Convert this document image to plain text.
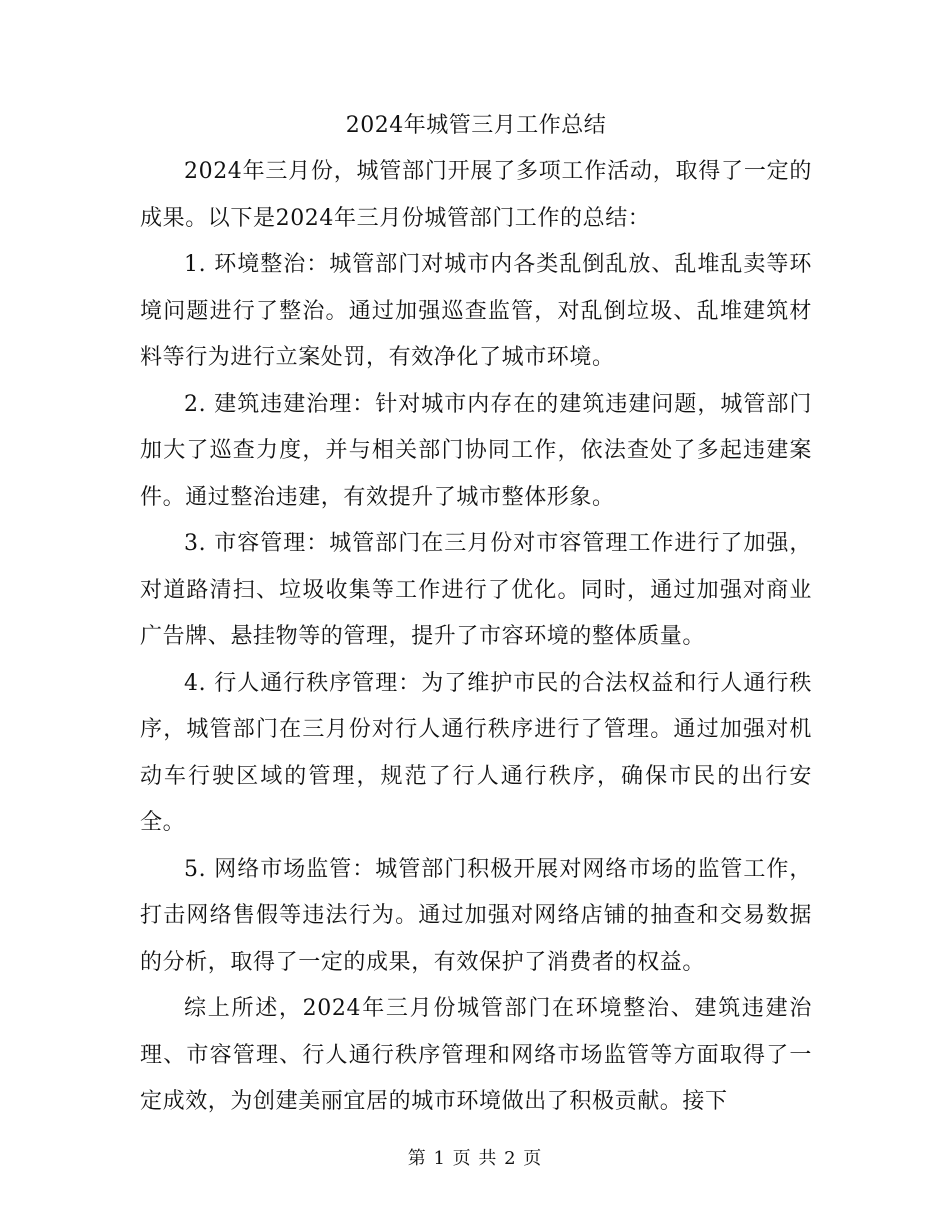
2024年城管三月工作总结

2024年三月份，城管部门开展了多项工作活动，取得了一定的成果。以下是2024年三月份城管部门工作的总结：

1. 环境整治：城管部门对城市内各类乱倒乱放、乱堆乱卖等环境问题进行了整治。通过加强巡查监管，对乱倒垃圾、乱堆建筑材料等行为进行立案处罚，有效净化了城市环境。

2. 建筑违建治理：针对城市内存在的建筑违建问题，城管部门加大了巡查力度，并与相关部门协同工作，依法查处了多起违建案件。通过整治违建，有效提升了城市整体形象。

3. 市容管理：城管部门在三月份对市容管理工作进行了加强，对道路清扫、垃圾收集等工作进行了优化。同时，通过加强对商业广告牌、悬挂物等的管理，提升了市容环境的整体质量。

4. 行人通行秩序管理：为了维护市民的合法权益和行人通行秩序，城管部门在三月份对行人通行秩序进行了管理。通过加强对机动车行驶区域的管理，规范了行人通行秩序，确保市民的出行安全。

5. 网络市场监管：城管部门积极开展对网络市场的监管工作，打击网络售假等违法行为。通过加强对网络店铺的抽查和交易数据的分析，取得了一定的成果，有效保护了消费者的权益。

综上所述，2024年三月份城管部门在环境整治、建筑违建治理、市容管理、行人通行秩序管理和网络市场监管等方面取得了一定成效，为创建美丽宜居的城市环境做出了积极贡献。接下

第 1 页 共 2 页
